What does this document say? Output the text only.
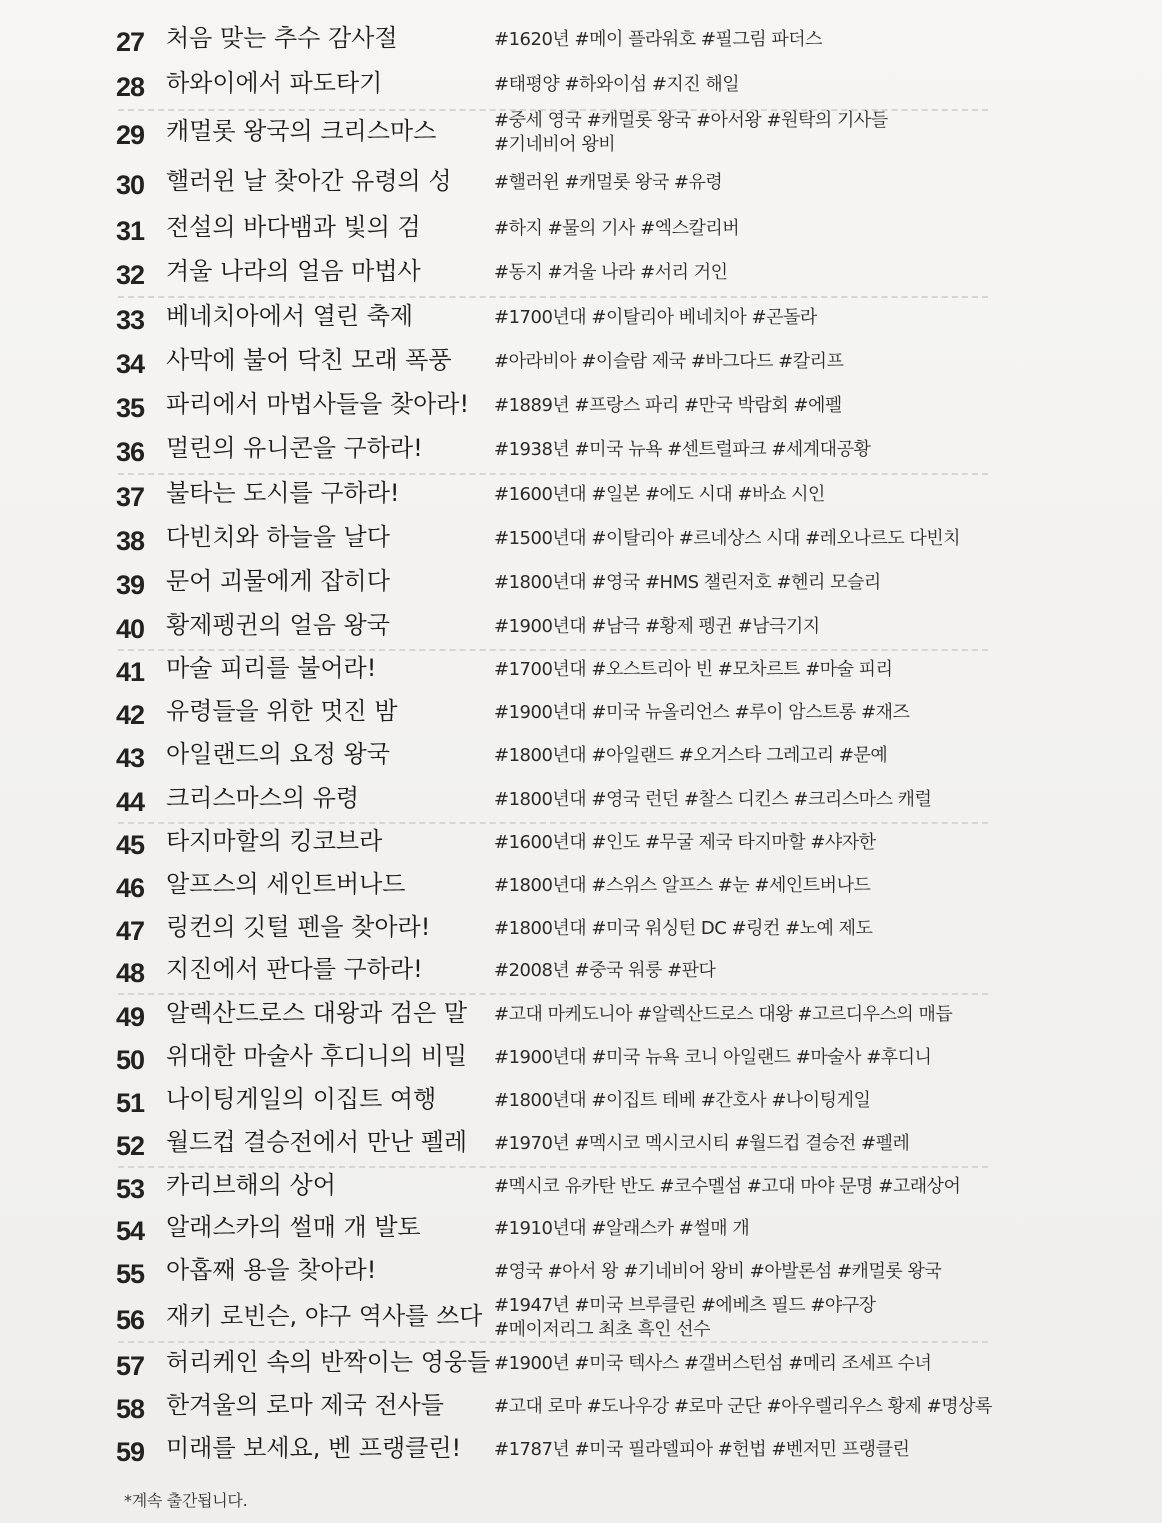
27 처음 맞는 추수 감사절	#1620년 #메이 플라워호 #필그림 파더스
28 하와이에서 파도타기	#태평양 #하와이섬 #지진 해일
29 캐멀롯 왕국의 크리스마스	#중세 영국 #캐멀롯 왕국 #아서왕 #원탁의 기사들
#기네비어 왕비
30 핼러윈 날 찾아간 유령의 성 #핼러윈 #캐멀롯 왕국 #유령
31 전설의 바다뱀과 빛의 검	#하지 #물의 기사 #엑스칼리버
32 겨울 나라의 얼음 마법사	#동지 #겨울 나라 #서리 거인
33 베네치아에서 열린 축제	#1700년대 #이탈리아 베네치아 #곤돌라
34 사막에 불어 닥친 모래 폭풍 #아라비아 #이슬람 제국 #바그다드 #칼리프
35 파리에서 마법사들을 찾아라! #1889년 #프랑스 파리 #만국 박람회 #에펠
36 멀린의 유니콘을 구하라!	#1938년 #미국 뉴욕 #센트럴파크 #세계대공황
37 불타는 도시를 구하라!	#1600년대 #일본 #에도 시대 #바쇼 시인
38 다빈치와 하늘을 날다	#1500년대 #이탈리아 #르네상스 시대 #레오나르도 다빈치
39 문어 괴물에게 잡히다	#1800년대 #영국 #HMS 챌린저호 #헨리 모슬리
40 황제펭귄의 얼음 왕국	#1900년대 #남극 #황제 펭귄 #남극기지
41 마술 피리를 불어라!	#1700년대 #오스트리아 빈 #모차르트 #마술 피리
42 유령들을 위한 멋진 밤	#1900년대 #미국 뉴올리언스 #루이 암스트롱 #재즈
43 아일랜드의 요정 왕국	#1800년대 #아일랜드 #오거스타 그레고리 #문예
44 크리스마스의 유령	#1800년대 #영국 런던 #찰스 디킨스 #크리스마스 캐럴
45 타지마할의 킹코브라	#1600년대 #인도 #무굴 제국 타지마할 #샤자한
46 알프스의 세인트버나드	#1800년대 #스위스 알프스 #눈 #세인트버나드
47 링컨의 깃털 펜을 찾아라!	#1800년대 #미국 워싱턴 DC #링컨 #노예 제도
48 지진에서 판다를 구하라!	#2008년 #중국 워룽 #판다
49 알렉산드로스 대왕과 검은 말 #고대 마케도니아 #알렉산드로스 대왕 #고르디우스의 매듭
50 위대한 마술사 후디니의 비밀 #1900년대 #미국 뉴욕 코니 아일랜드 #마술사 #후디니
51 나이팅게일의 이집트 여행	#1800년대 #이집트 테베 #간호사 #나이팅게일
52 월드컵 결승전에서 만난 펠레 #1970년 #멕시코 멕시코시티 #월드컵 결승전 #펠레
53 카리브해의 상어	#멕시코 유카탄 반도 #코수멜섬 #고대 마야 문명 #고래상어
54 알래스카의 썰매 개 발토	#1910년대 #알래스카 #썰매 개
55 아홉째 용을 찾아라!	#영국 #아서 왕 #기네비어 왕비 #아발론섬 #캐멀롯 왕국
56 재키 로빈슨, 야구 역사를 쓰다 #1947년 #미국 브루클린 #에베츠 필드 #야구장
#메이저리그 최초 흑인 선수
57 허리케인 속의 반짝이는 영웅들 #1900년 #미국 텍사스 #갤버스턴섬 #메리 조세프 수녀
58 한겨울의 로마 제국 전사들	#고대 로마 #도나우강 #로마 군단 #아우렐리우스 황제 #명상록
59 미래를 보세요, 벤 프랭클린! #1787년 #미국 필라델피아 #헌법 #벤저민 프랭클린
*계속 출간됩니다.
